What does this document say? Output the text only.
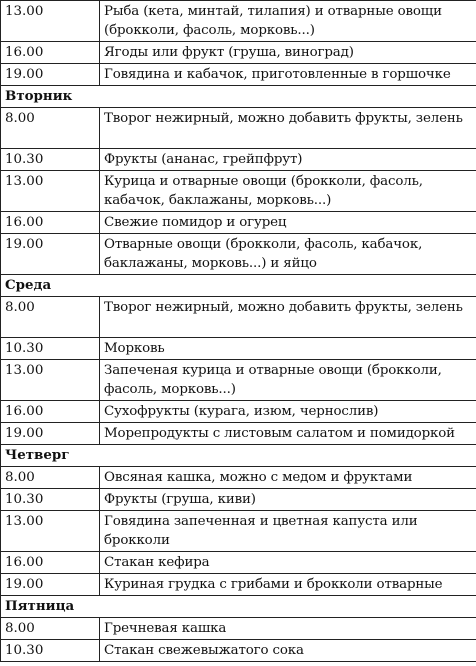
13.00	Рыба (кета, минтай, тилапия) и отварные овощи (брокколи, фасоль, морковь...)
16.00	Ягоды или фрукт (груша, виноград)
19.00	Говядина и кабачок, приготовленные в горшочке
Вторник	
8.00	Творог нежирный, можно добавить фрукты, зелень
10.30	Фрукты (ананас, грейпфрут)
13.00	Курица и отварные овощи (брокколи, фасоль, кабачок, баклажаны, морковь...)
16.00	Свежие помидор и огурец
19.00	Отварные овощи (брокколи, фасоль, кабачок, баклажаны, морковь...) и яйцо
Среда	
8.00	Творог нежирный, можно добавить фрукты, зелень
10.30	Морковь
13.00	Запеченая курица и отварные овощи (брокколи, фасоль, морковь...)
16.00	Сухофрукты (курага, изюм, чернослив)
19.00	Морепродукты с листовым салатом и помидоркой
Четверг	
8.00	Овсяная кашка, можно с медом и фруктами
10.30	Фрукты (груша, киви)
13.00	Говядина запеченная и цветная капуста или брокколи
16.00	Стакан кефира
19.00	Куриная грудка с грибами и брокколи отварные
Пятница	
8.00	Гречневая кашка
10.30	Стакан свежевыжатого сока
